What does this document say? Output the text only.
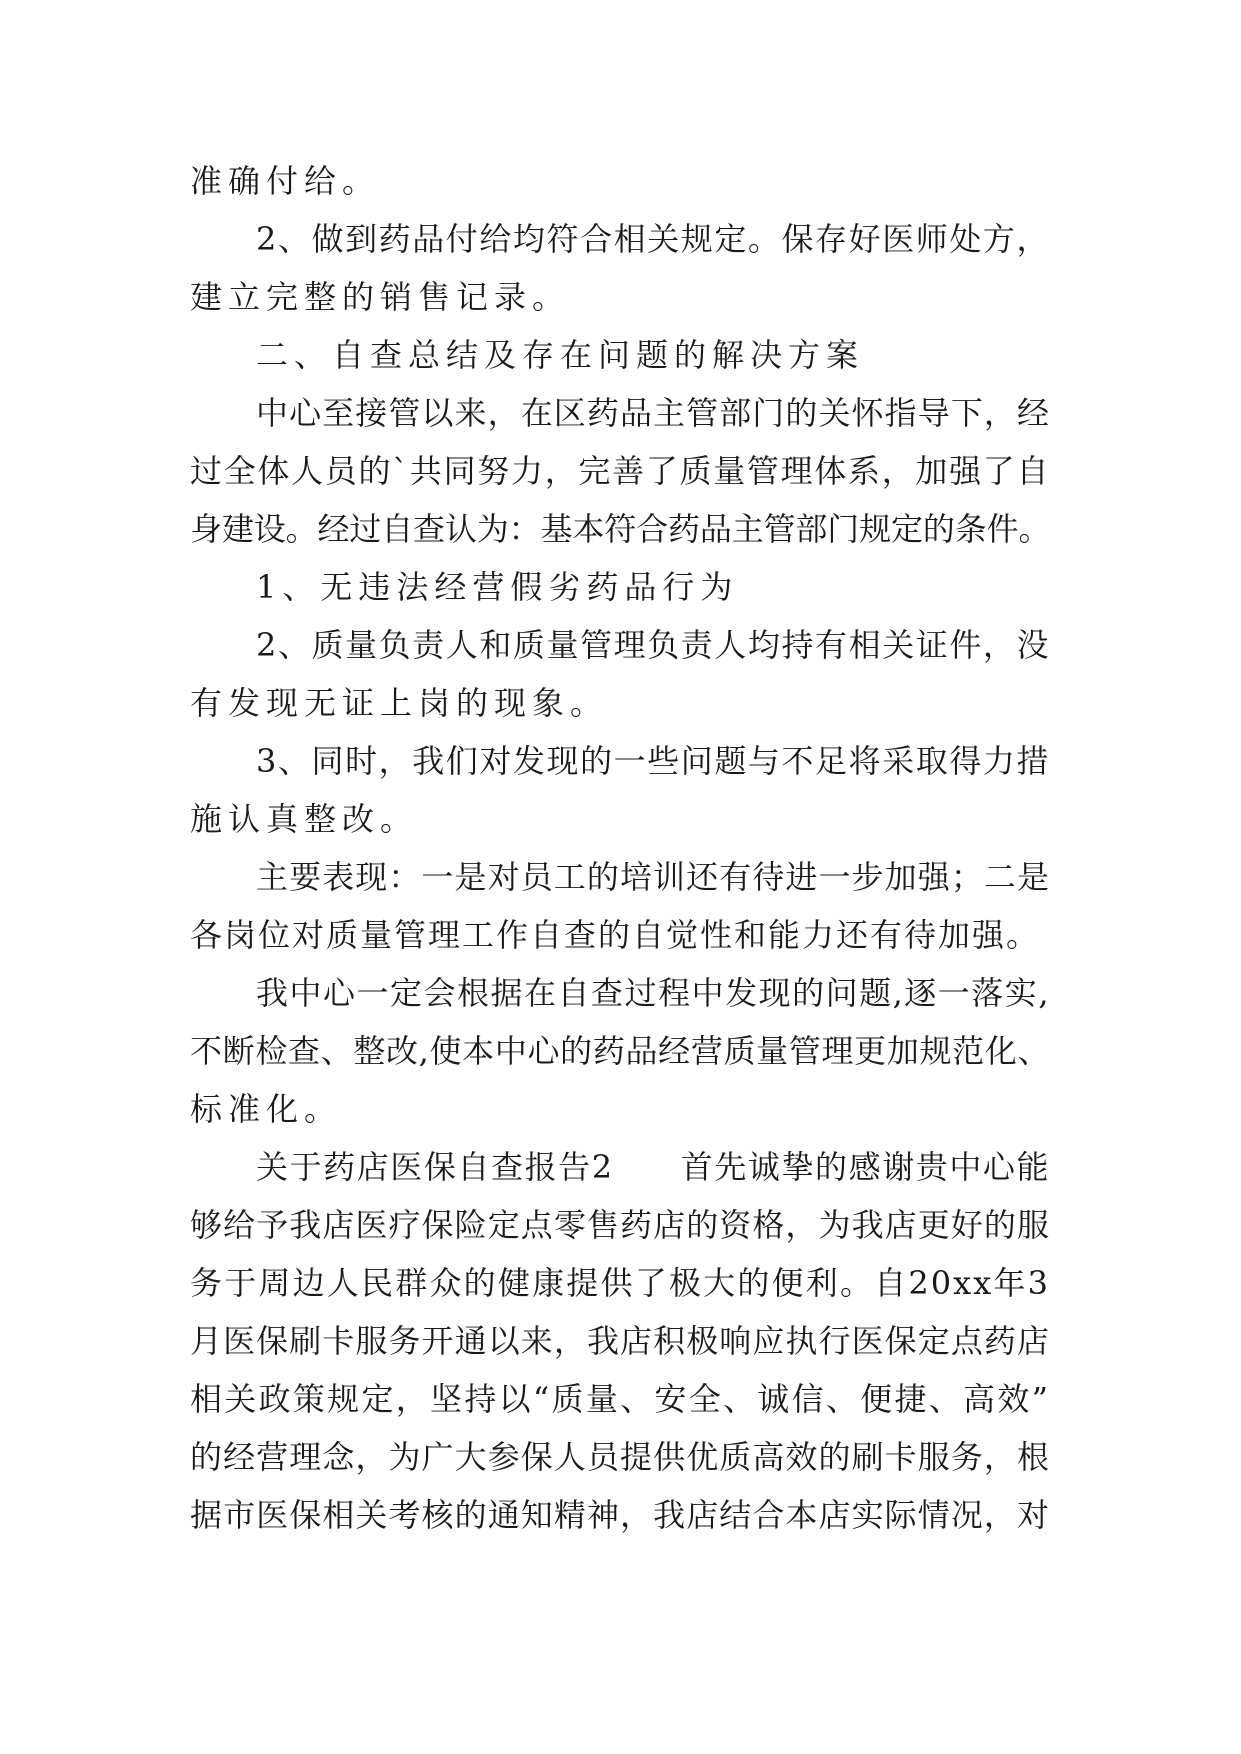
准确付给。
2、做到药品付给均符合相关规定。保存好医师处方，
建立完整的销售记录。
二、自查总结及存在问题的解决方案
中心至接管以来，在区药品主管部门的关怀指导下，经
过全体人员的`共同努力，完善了质量管理体系，加强了自
身建设。经过自查认为：基本符合药品主管部门规定的条件。
1、无违法经营假劣药品行为
2、质量负责人和质量管理负责人均持有相关证件，没
有发现无证上岗的现象。
3、同时，我们对发现的一些问题与不足将采取得力措
施认真整改。
主要表现：一是对员工的培训还有待进一步加强；二是
各岗位对质量管理工作自查的自觉性和能力还有待加强。
我中心一定会根据在自查过程中发现的问题,逐一落实,
不断检查、整改,使本中心的药品经营质量管理更加规范化、
标准化。
关于药店医保自查报告2　　首先诚挚的感谢贵中心能
够给予我店医疗保险定点零售药店的资格，为我店更好的服
务于周边人民群众的健康提供了极大的便利。自20xx年3
月医保刷卡服务开通以来，我店积极响应执行医保定点药店
相关政策规定，坚持以“质量、安全、诚信、便捷、高效”
的经营理念，为广大参保人员提供优质高效的刷卡服务，根
据市医保相关考核的通知精神，我店结合本店实际情况，对
